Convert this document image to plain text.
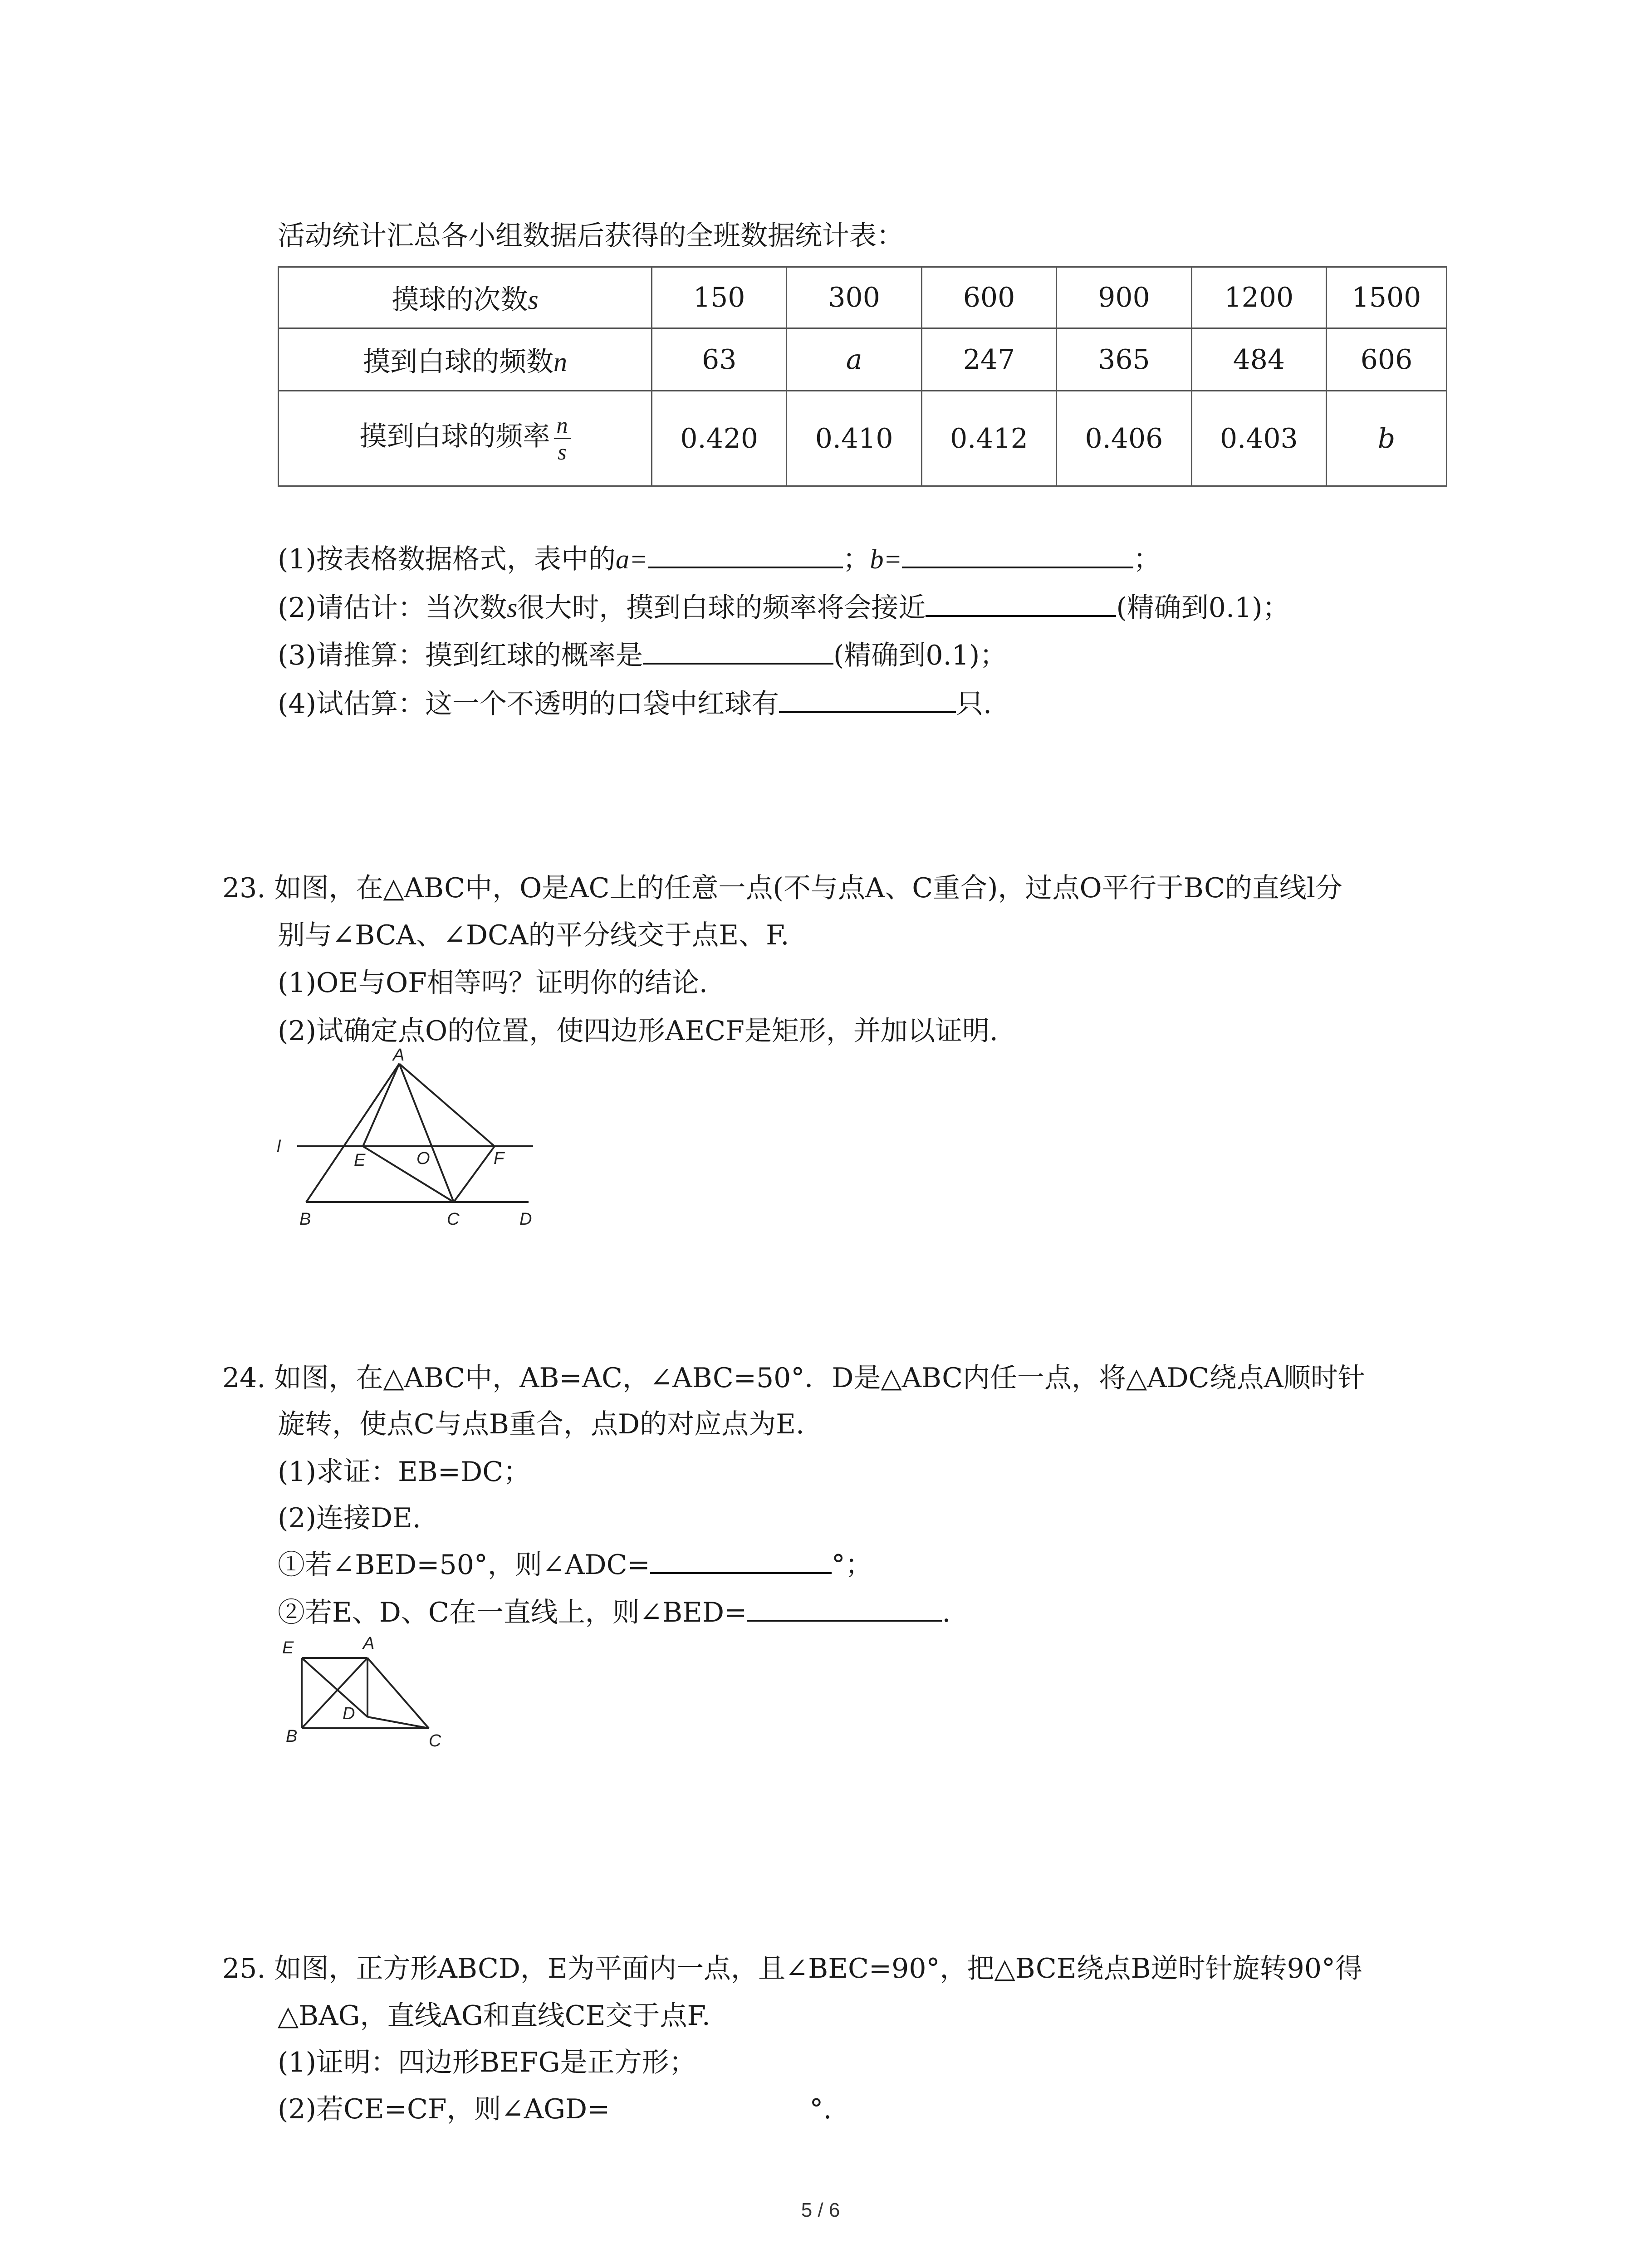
活动统计汇总各小组数据后获得的全班数据统计表：
摸球的次数s	150	300	600	900	1200	1500
摸到白球的频数n	63	a	247	365	484	606
摸到白球的频率 $\frac{n}{s}$	0.420	0.410	0.412	0.406	0.403	b
(1)按表格数据格式，表中的a=	；b=	；
(2)请估计：当次数s很大时，摸到白球的频率将会接近	(精确到0.1)；
(3)请推算：摸到红球的概率是	(精确到0.1)；
(4)试估算：这一个不透明的口袋中红球有	只.
23. 如图，在△ABC中，O是AC上的任意一点(不与点A、C重合)，过点O平行于BC的直线l分
别与∠BCA、∠DCA的平分线交于点E、F.
(1)OE与OF相等吗？证明你的结论.
(2)试确定点O的位置，使四边形AECF是矩形，并加以证明.
A
l
E	O	F
B	C	D
24. 如图，在△ABC中，AB=AC，∠ABC=50°．D是△ABC内任一点，将△ADC绕点A顺时针
旋转，使点C与点B重合，点D的对应点为E.
(1)求证：EB=DC；
(2)连接DE.
①若∠BED=50°，则∠ADC=	°；
②若E、D、C在一直线上，则∠BED=	.
E	A
D
B	C
25. 如图，正方形ABCD，E为平面内一点，且∠BEC=90°，把△BCE绕点B逆时针旋转90°得
△BAG，直线AG和直线CE交于点F.
(1)证明：四边形BEFG是正方形；
(2)若CE=CF，则∠AGD=	°.
5 / 6
